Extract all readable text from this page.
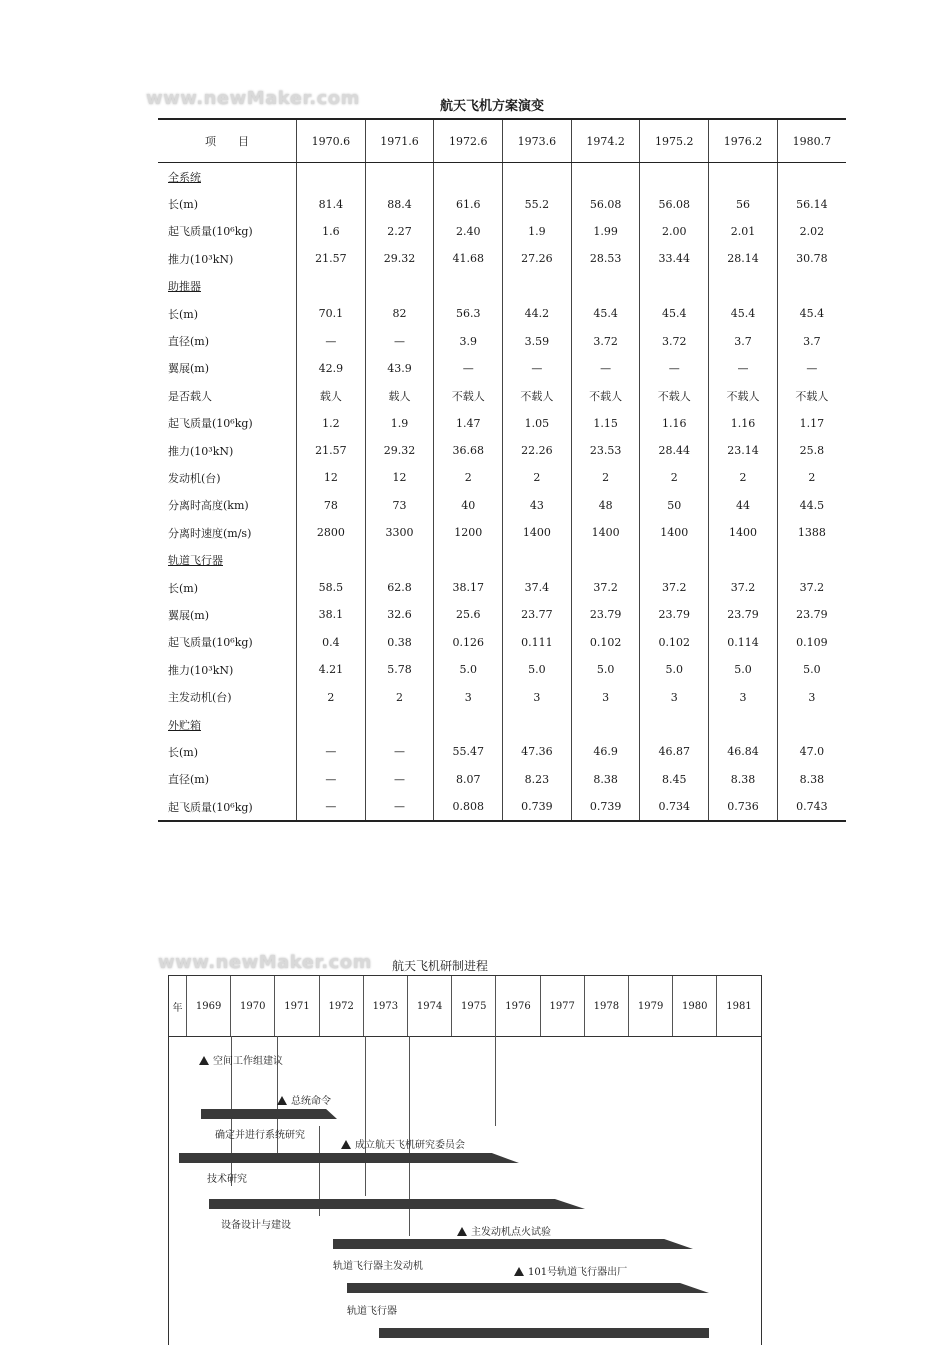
www.newMaker.com	航天飞机方案演变
项　　目	1970.6	1971.6	1972.6	1973.6	1974.2	1975.2	1976.2	1980.7
全系统								
长(m)	81.4	88.4	61.6	55.2	56.08	56.08	56	56.14
起飞质量(10⁶kg)	1.6	2.27	2.40	1.9	1.99	2.00	2.01	2.02
推力(10³kN)	21.57	29.32	41.68	27.26	28.53	33.44	28.14	30.78
助推器								
长(m)	70.1	82	56.3	44.2	45.4	45.4	45.4	45.4
直径(m)	—	—	3.9	3.59	3.72	3.72	3.7	3.7
翼展(m)	42.9	43.9	—	—	—	—	—	—
是否载人	载人	载人	不载人	不载人	不载人	不载人	不载人	不载人
起飞质量(10⁶kg)	1.2	1.9	1.47	1.05	1.15	1.16	1.16	1.17
推力(10³kN)	21.57	29.32	36.68	22.26	23.53	28.44	23.14	25.8
发动机(台)	12	12	2	2	2	2	2	2
分离时高度(km)	78	73	40	43	48	50	44	44.5
分离时速度(m/s)	2800	3300	1200	1400	1400	1400	1400	1388
轨道飞行器								
长(m)	58.5	62.8	38.17	37.4	37.2	37.2	37.2	37.2
翼展(m)	38.1	32.6	25.6	23.77	23.79	23.79	23.79	23.79
起飞质量(10⁶kg)	0.4	0.38	0.126	0.111	0.102	0.102	0.114	0.109
推力(10³kN)	4.21	5.78	5.0	5.0	5.0	5.0	5.0	5.0
主发动机(台)	2	2	3	3	3	3	3	3
外贮箱								
长(m)	—	—	55.47	47.36	46.9	46.87	46.84	47.0
直径(m)	—	—	8.07	8.23	8.38	8.45	8.38	8.38
起飞质量(10⁶kg)	—	—	0.808	0.739	0.739	0.734	0.736	0.743
www.newMaker.com 航天飞机研制进程
年	1969	1970	1971	1972	1973	1974	1975	1976	1977	1978	1979	1980	1981
空间工作组建议
总统命令
成立航天飞机研究委员会
主发动机点火试验
101号轨道飞行器出厂
确定并进行系统研究
技术研究
设备设计与建设
轨道飞行器主发动机
轨道飞行器
